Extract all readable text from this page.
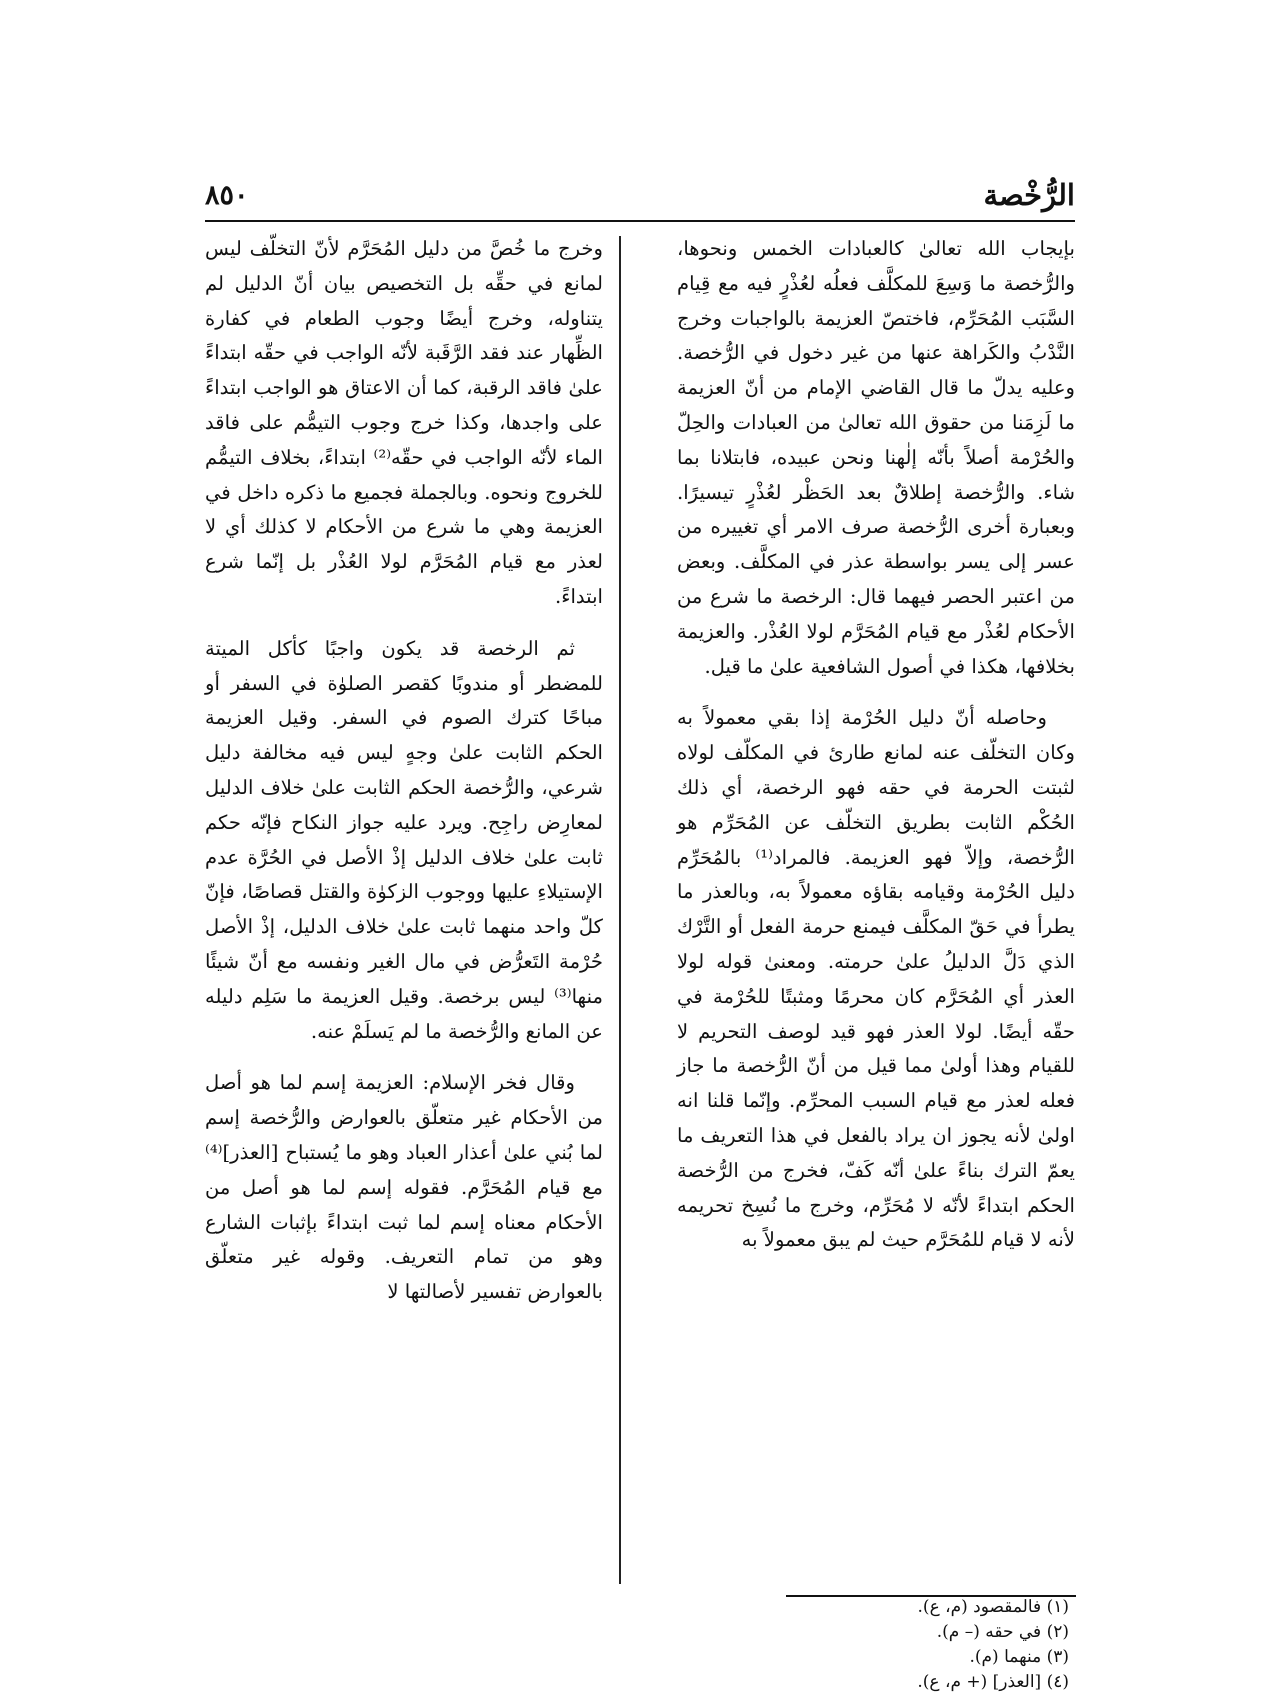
الرُّخْصة
٨٥٠

بإيجاب الله تعالىٰ كالعبادات الخمس ونحوها، والرُّخصة ما وَسِعَ للمكلَّف فعلُه لعُذْرٍ فيه مع قِيام السَّبَب المُحَرِّم، فاختصّ العزيمة بالواجبات وخرج النَّدْبُ والكَراهة عنها من غير دخول في الرُّخصة. وعليه يدلّ ما قال القاضي الإمام من أنّ العزيمة ما لَزِمَنا من حقوق الله تعالىٰ من العبادات والحِلّ والحُرْمة أصلاً بأنّه إلٰهنا ونحن عبيده، فابتلانا بما شاء. والرُّخصة إطلاقٌ بعد الحَظْر لعُذْرٍ تيسيرًا. وبعبارة أخرى الرُّخصة صرف الامر أي تغييره من عسر إلى يسر بواسطة عذر في المكلَّف. وبعض من اعتبر الحصر فيهما قال: الرخصة ما شرع من الأحكام لعُذْر مع قيام المُحَرَّم لولا العُذْر. والعزيمة بخلافها، هكذا في أصول الشافعية علىٰ ما قيل.

وحاصله أنّ دليل الحُرْمة إذا بقي معمولاً به وكان التخلّف عنه لمانع طارئ في المكلّف لولاه لثبتت الحرمة في حقه فهو الرخصة، أي ذلك الحُكْم الثابت بطريق التخلّف عن المُحَرِّم هو الرُّخصة، وإلاّ فهو العزيمة. فالمراد⁽¹⁾ بالمُحَرِّم دليل الحُرْمة وقيامه بقاؤه معمولاً به، وبالعذر ما يطرأ في حَقّ المكلَّف فيمنع حرمة الفعل أو التَّرْك الذي دَلَّ الدليلُ علىٰ حرمته. ومعنىٰ قوله لولا العذر أي المُحَرَّم كان محرمًا ومثبتًا للحُرْمة في حقّه أيضًا. لولا العذر فهو قيد لوصف التحريم لا للقيام وهذا أولىٰ مما قيل من أنّ الرُّخصة ما جاز فعله لعذر مع قيام السبب المحرِّم. وإنّما قلنا انه اولىٰ لأنه يجوز ان يراد بالفعل في هذا التعريف ما يعمّ الترك بناءً علىٰ أنّه كَفّ، فخرج من الرُّخصة الحكم ابتداءً لأنّه لا مُحَرِّم، وخرج ما نُسِخ تحريمه لأنه لا قيام للمُحَرَّم حيث لم يبق معمولاً به

وخرج ما خُصَّ من دليل المُحَرَّم لأنّ التخلّف ليس لمانع في حقِّه بل التخصيص بيان أنّ الدليل لم يتناوله، وخرج أيضًا وجوب الطعام في كفارة الظِّهار عند فقد الرَّقَبة لأنّه الواجب في حقّه ابتداءً علىٰ فاقد الرقبة، كما أن الاعتاق هو الواجب ابتداءً على واجدها، وكذا خرج وجوب التيمُّم على فاقد الماء لأنّه الواجب في حقّه⁽²⁾ ابتداءً، بخلاف التيمُّم للخروج ونحوه. وبالجملة فجميع ما ذكره داخل في العزيمة وهي ما شرع من الأحكام لا كذلك أي لا لعذر مع قيام المُحَرَّم لولا العُذْر بل إنّما شرع ابتداءً.

ثم الرخصة قد يكون واجبًا كأكل الميتة للمضطر أو مندوبًا كقصر الصلوٰة في السفر أو مباحًا كترك الصوم في السفر. وقيل العزيمة الحكم الثابت علىٰ وجهٍ ليس فيه مخالفة دليل شرعي، والرُّخصة الحكم الثابت علىٰ خلاف الدليل لمعارِض راجِح. ويرد عليه جواز النكاح فإنّه حكم ثابت علىٰ خلاف الدليل إذْ الأصل في الحُرَّة عدم الإستيلاءِ عليها ووجوب الزكوٰة والقتل قصاصًا، فإنّ كلّ واحد منهما ثابت علىٰ خلاف الدليل، إذْ الأصل حُرْمة التَعرُّض في مال الغير ونفسه مع أنّ شيئًا منها⁽³⁾ ليس برخصة. وقيل العزيمة ما سَلِم دليله عن المانع والرُّخصة ما لم يَسلَمْ عنه.

وقال فخر الإسلام: العزيمة إسم لما هو أصل من الأحكام غير متعلّق بالعوارض والرُّخصة إسم لما بُني علىٰ أعذار العباد وهو ما يُستباح [العذر]⁽⁴⁾ مع قيام المُحَرَّم. فقوله إسم لما هو أصل من الأحكام معناه إسم لما ثبت ابتداءً بإثبات الشارع وهو من تمام التعريف. وقوله غير متعلّق بالعوارض تفسير لأصالتها لا

(١) فالمقصود (م، ع).
(٢) في حقه (– م).
(٣) منهما (م).
(٤) [العذر] (+ م، ع).
